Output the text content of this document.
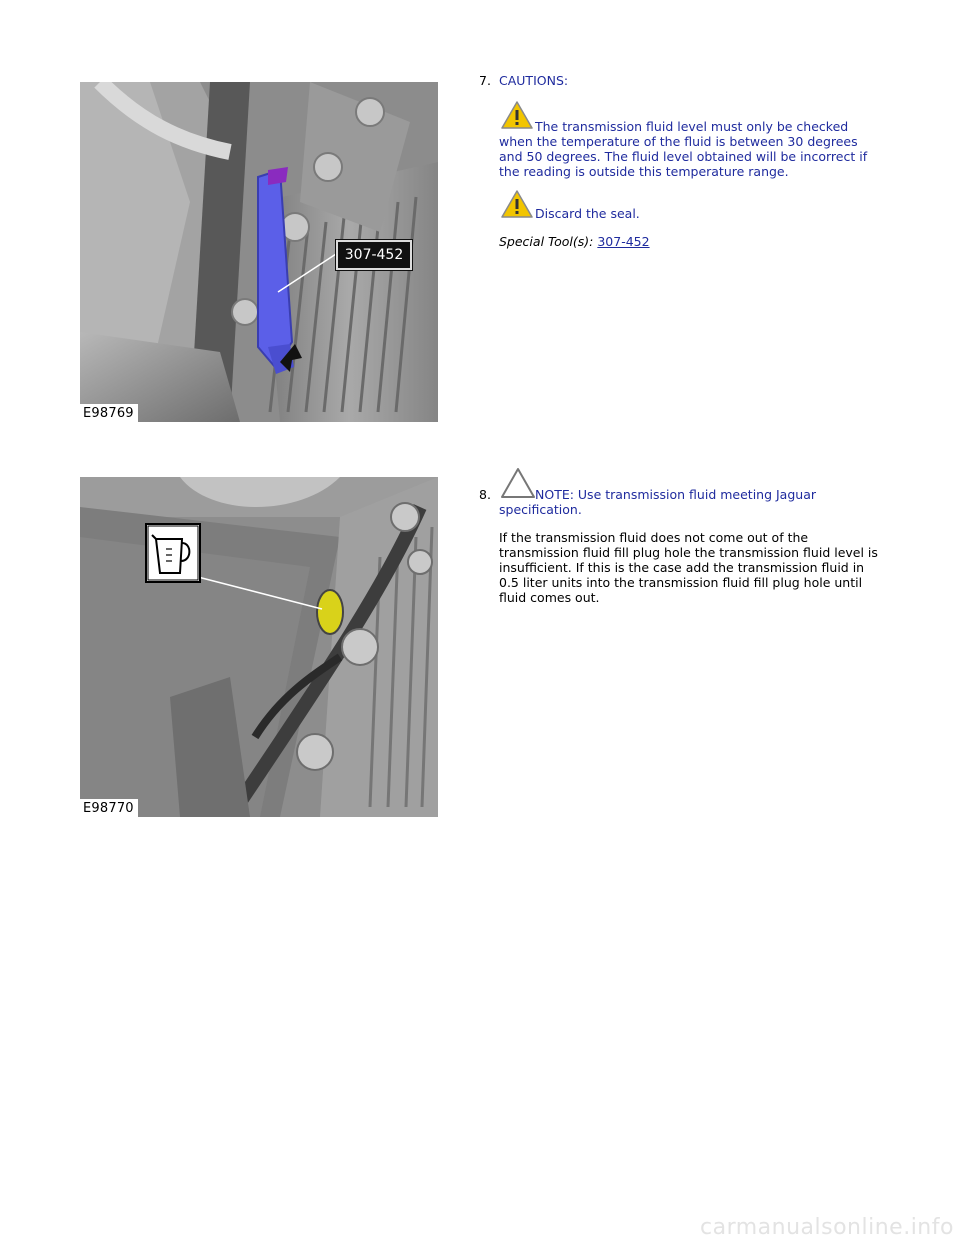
307-452
E98769
7. CAUTIONS:
The transmission fluid level must only be checked when the temperature of the fluid is between 30 degrees and 50 degrees. The fluid level obtained will be incorrect if the reading is outside this temperature range.
Discard the seal.
Special Tool(s): 307-452
E98770
8.	NOTE: Use transmission fluid meeting Jaguar specification.
If the transmission fluid does not come out of the transmission fluid fill plug hole the transmission fluid level is insufficient. If this is the case add the transmission fluid in 0.5 liter units into the transmission fluid fill plug hole until fluid comes out.
carmanualsonline.info
